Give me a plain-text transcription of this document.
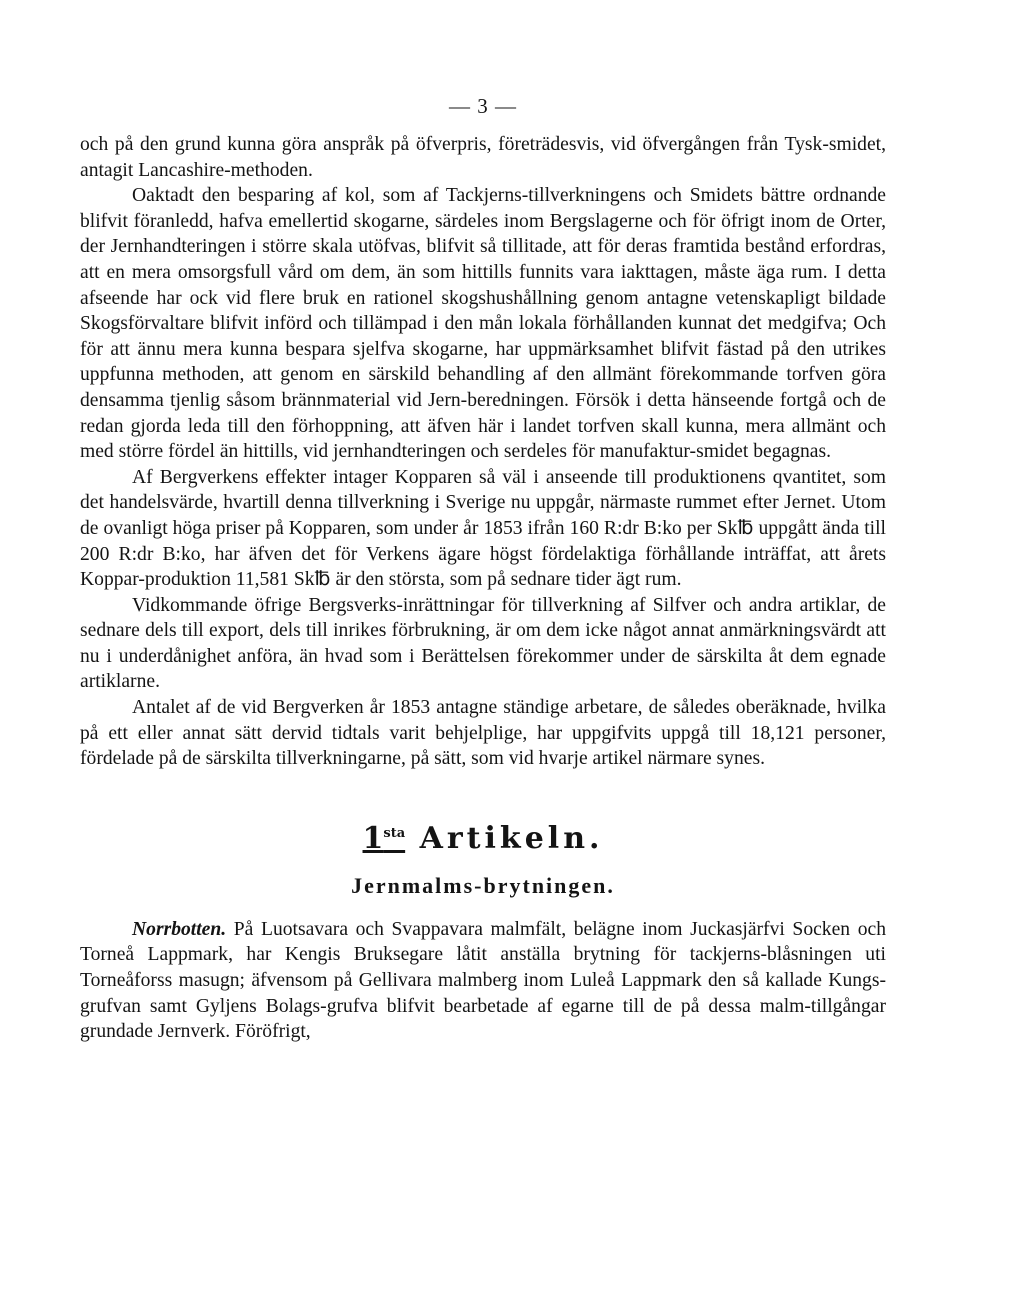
— 3 —

och på den grund kunna göra anspråk på öfverpris, företrädesvis, vid öfvergången från Tysk-smidet, antagit Lancashire-methoden.

Oaktadt den besparing af kol, som af Tackjerns-tillverkningens och Smidets bättre ordnande blifvit föranledd, hafva emellertid skogarne, särdeles inom Bergslagerne och för öfrigt inom de Orter, der Jernhandteringen i större skala utöfvas, blifvit så tillitade, att för deras framtida bestånd erfordras, att en mera omsorgsfull vård om dem, än som hittills funnits vara iakttagen, måste äga rum. I detta afseende har ock vid flere bruk en rationel skogshushållning genom antagne vetenskapligt bildade Skogsförvaltare blifvit införd och tillämpad i den mån lokala förhållanden kunnat det medgifva; Och för att ännu mera kunna bespara sjelfva skogarne, har uppmärksamhet blifvit fästad på den utrikes uppfunna methoden, att genom en särskild behandling af den allmänt förekommande torfven göra densamma tjenlig såsom brännmaterial vid Jern-beredningen. Försök i detta hänseende fortgå och de redan gjorda leda till den förhoppning, att äfven här i landet torfven skall kunna, mera allmänt och med större fördel än hittills, vid jernhandteringen och serdeles för manufaktur-smidet begagnas.

Af Bergverkens effekter intager Kopparen så väl i anseende till produktionens qvantitet, som det handelsvärde, hvartill denna tillverkning i Sverige nu uppgår, närmaste rummet efter Jernet. Utom de ovanligt höga priser på Kopparen, som under år 1853 ifrån 160 R:dr B:ko per Sk℔ uppgått ända till 200 R:dr B:ko, har äfven det för Verkens ägare högst fördelaktiga förhållande inträffat, att årets Koppar-produktion 11,581 Sk℔ är den största, som på sednare tider ägt rum.

Vidkommande öfrige Bergsverks-inrättningar för tillverkning af Silfver och andra artiklar, de sednare dels till export, dels till inrikes förbrukning, är om dem icke något annat anmärkningsvärdt att nu i underdånighet anföra, än hvad som i Berättelsen förekommer under de särskilta åt dem egnade artiklarne.

Antalet af de vid Bergverken år 1853 antagne ständige arbetare, de således oberäknade, hvilka på ett eller annat sätt dervid tidtals varit behjelplige, har uppgifvits uppgå till 18,121 personer, fördelade på de särskilta tillverkningarne, på sätt, som vid hvarje artikel närmare synes.

$1^{sta}$ Artikeln.
Jernmalms-brytningen.

Norrbotten. På Luotsavara och Svappavara malmfält, belägne inom Juckasjärfvi Socken och Torneå Lappmark, har Kengis Bruksegare låtit anställa brytning för tackjerns-blåsningen uti Torneåforss masugn; äfvensom på Gellivara malmberg inom Luleå Lappmark den så kallade Kungs-grufvan samt Gyljens Bolags-grufva blifvit bearbetade af egarne till de på dessa malm-tillgångar grundade Jernverk. Föröfrigt,
